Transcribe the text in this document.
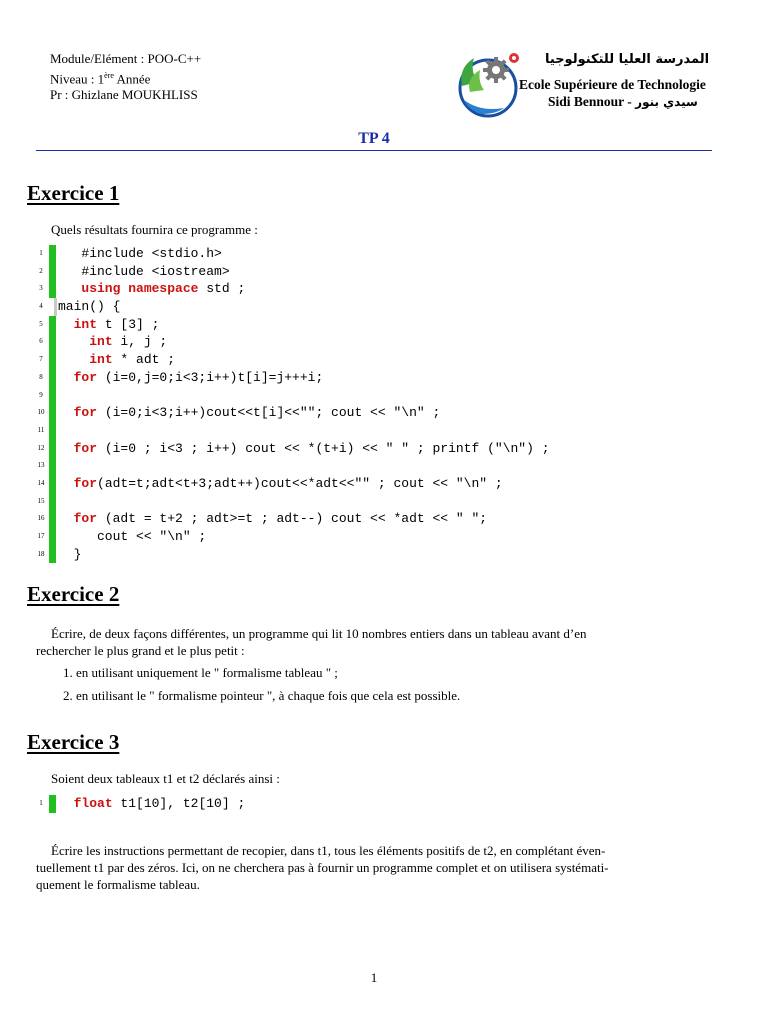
Module/Elément : POO-C++
Niveau : 1ère Année
Pr : Ghizlane MOUKHLISS
المدرسة العليا للتكنولوجيا
Ecole Supérieure de Technologie
Sidi Bennour - سيدي بنور
TP 4
Exercice 1
Quels résultats fournira ce programme :
1 #include <stdio.h>
2 #include <iostream>
3	using namespace std ;
4 main() {
5	int t [3] ;
6	int i, j ;
7	int * adt ;
8	for (i=0,j=0;i<3;i++)t[i]=j+++i;
9
10	for (i=0;i<3;i++)cout<<t[i]<<""; cout << "\n" ;
11
12	for (i=0 ; i<3 ; i++) cout << *(t+i) << " " ; printf ("\n") ;
13
14	for(adt=t;adt<t+3;adt++)cout<<*adt<<"" ; cout << "\n" ;
15
16	for (adt = t+2 ; adt>=t ; adt--) cout << *adt << " ";
17 cout << "\n" ;
18 }
Exercice 2
Écrire, de deux façons différentes, un programme qui lit 10 nombres entiers dans un tableau avant d’en
rechercher le plus grand et le plus petit :
1. en utilisant uniquement le " formalisme tableau " ;
2. en utilisant le " formalisme pointeur ", à chaque fois que cela est possible.
Exercice 3
Soient deux tableaux t1 et t2 déclarés ainsi :
1	float t1[10], t2[10] ;
Écrire les instructions permettant de recopier, dans t1, tous les éléments positifs de t2, en complétant éven-
tuellement t1 par des zéros. Ici, on ne cherchera pas à fournir un programme complet et on utilisera systémati-
quement le formalisme tableau.
1
